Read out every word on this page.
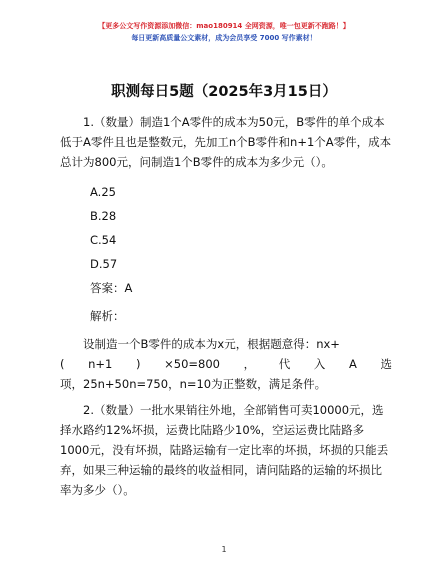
【更多公文写作资源添加微信：mao180914 全网资源，唯一包更新不跑路！】
每日更新高质量公文素材，成为会员享受 7000 写作素材！
职测每日5题（2025年3月15日）

1.（数量）制造1个A零件的成本为50元，B零件的单个成本低于A零件且也是整数元，先加工n个B零件和n+1个A零件，成本总计为800元，问制造1个B零件的成本为多少元（）。

A.25

B.28

C.54

D.57

答案：A

解析：

设制造一个B零件的成本为x元，根据题意得：nx+

( n+1 ) ×50=800 ， 代 入 A 选

项，25n+50n=750，n=10为正整数，满足条件。

2.（数量）一批水果销往外地，全部销售可卖10000元，选择水路约12%坏损，运费比陆路少10%，空运运费比陆路多1000元，没有坏损，陆路运输有一定比率的坏损，坏损的只能丢弃，如果三种运输的最终的收益相同，请问陆路的运输的坏损比率为多少（）。

1
